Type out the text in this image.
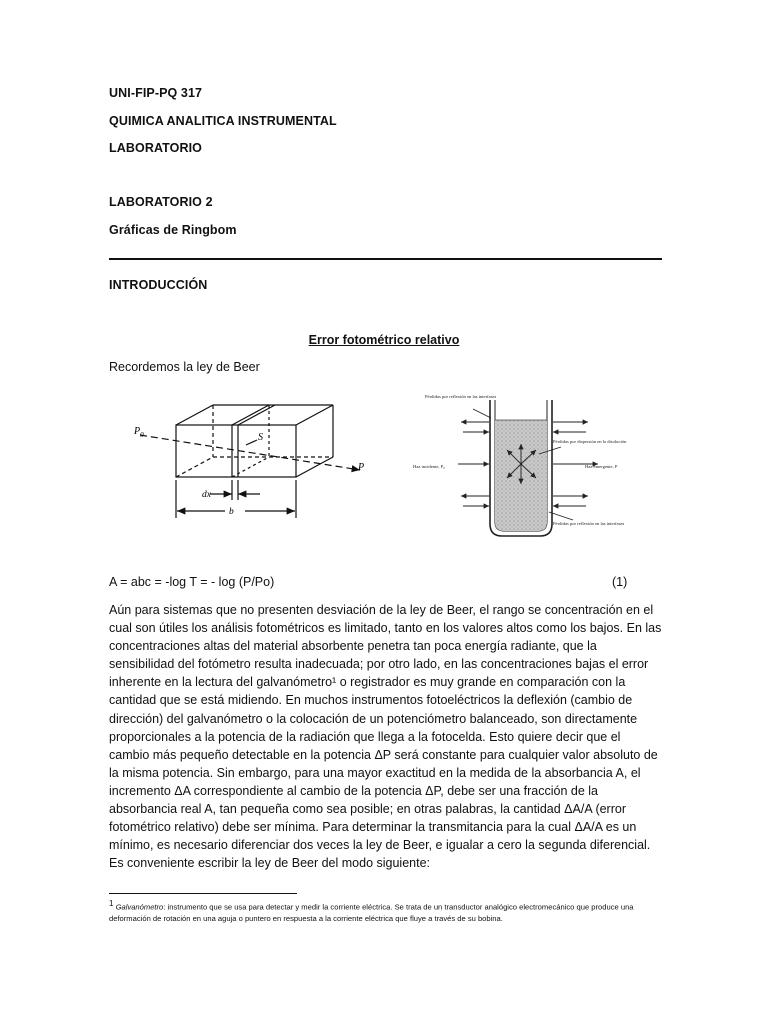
UNI-FIP-PQ 317
QUIMICA ANALITICA INSTRUMENTAL
LABORATORIO
LABORATORIO 2
Gráficas de Ringbom
INTRODUCCIÓN
Error fotométrico relativo
Recordemos la ley de Beer
$P_0$	S
P
dx
b
Pérdidas por reflexión en las interfases
Pérdidas por dispersión en la disolución
Haz incidente, P₀	Haz emergente, P
Pérdidas por reflexión en las interfases
A = abc = -log T = - log (P/Po)	(1)

Aún para sistemas que no presenten desviación de la ley de Beer, el rango se concentración en el cual son útiles los análisis fotométricos es limitado, tanto en los valores altos como los bajos. En las concentraciones altas del material absorbente penetra tan poca energía radiante, que la sensibilidad del fotómetro resulta inadecuada; por otro lado, en las concentraciones bajas el error inherente en la lectura del galvanómetro¹ o registrador es muy grande en comparación con la cantidad que se está midiendo. En muchos instrumentos fotoeléctricos la deflexión (cambio de dirección) del galvanómetro o la colocación de un potenciómetro balanceado, son directamente proporcionales a la potencia de la radiación que llega a la fotocelda. Esto quiere decir que el cambio más pequeño detectable en la potencia ΔP será constante para cualquier valor absoluto de la misma potencia. Sin embargo, para una mayor exactitud en la medida de la absorbancia A, el incremento ΔA correspondiente al cambio de la potencia ΔP, debe ser una fracción de la absorbancia real A, tan pequeña como sea posible; en otras palabras, la cantidad ΔA/A (error fotométrico relativo) debe ser mínima. Para determinar la transmitancia para la cual ΔA/A es un mínimo, es necesario diferenciar dos veces la ley de Beer, e igualar a cero la segunda diferencial. Es conveniente escribir la ley de Beer del modo siguiente:

$^1$ Galvanómetro: instrumento que se usa para detectar y medir la corriente eléctrica. Se trata de un transductor analógico electromecánico que produce una deformación de rotación en una aguja o puntero en respuesta a la corriente eléctrica que fluye a través de su bobina.
